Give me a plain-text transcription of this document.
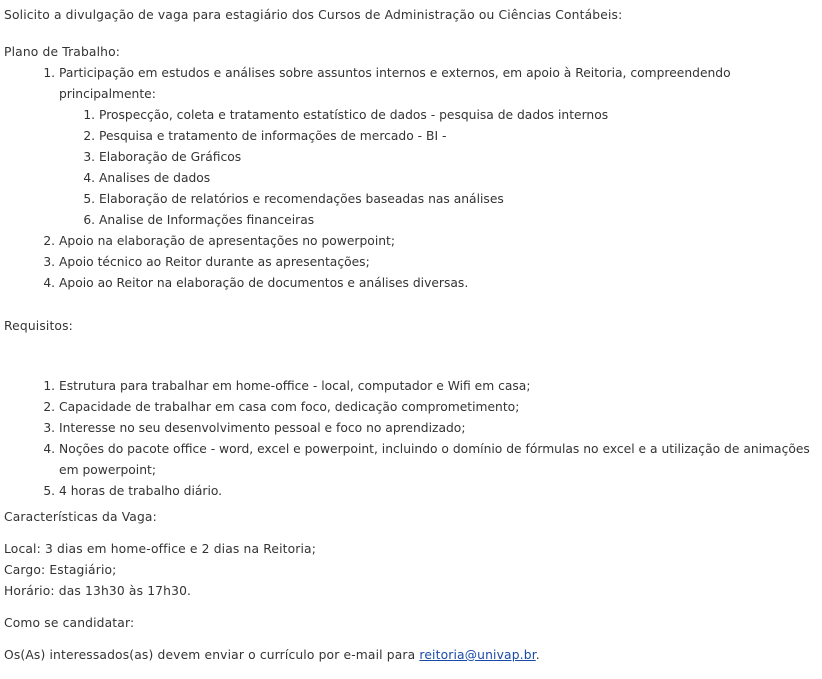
Solicito a divulgação de vaga para estagiário dos Cursos de Administração ou Ciências Contábeis:

Plano de Trabalho:

1. Participação em estudos e análises sobre assuntos internos e externos, em apoio à Reitoria, compreendendo principalmente:
1. Prospecção, coleta e tratamento estatístico de dados - pesquisa de dados internos
2. Pesquisa e tratamento de informações de mercado - BI -
3. Elaboração de Gráficos
4. Analises de dados
5. Elaboração de relatórios e recomendações baseadas nas análises
6. Analise de Informações financeiras
2. Apoio na elaboração de apresentações no powerpoint;
3. Apoio técnico ao Reitor durante as apresentações;
4. Apoio ao Reitor na elaboração de documentos e análises diversas.

Requisitos:

1. Estrutura para trabalhar em home-office - local, computador e Wifi em casa;
2. Capacidade de trabalhar em casa com foco, dedicação comprometimento;
3. Interesse no seu desenvolvimento pessoal e foco no aprendizado;
4. Noções do pacote office - word, excel e powerpoint, incluindo o domínio de fórmulas no excel e a utilização de animações em powerpoint;
5. 4 horas de trabalho diário.

Características da Vaga:

Local: 3 dias em home-office e 2 dias na Reitoria;

Cargo: Estagiário;

Horário: das 13h30 às 17h30.

Como se candidatar:

Os(As) interessados(as) devem enviar o currículo por e-mail para reitoria@univap.br.
